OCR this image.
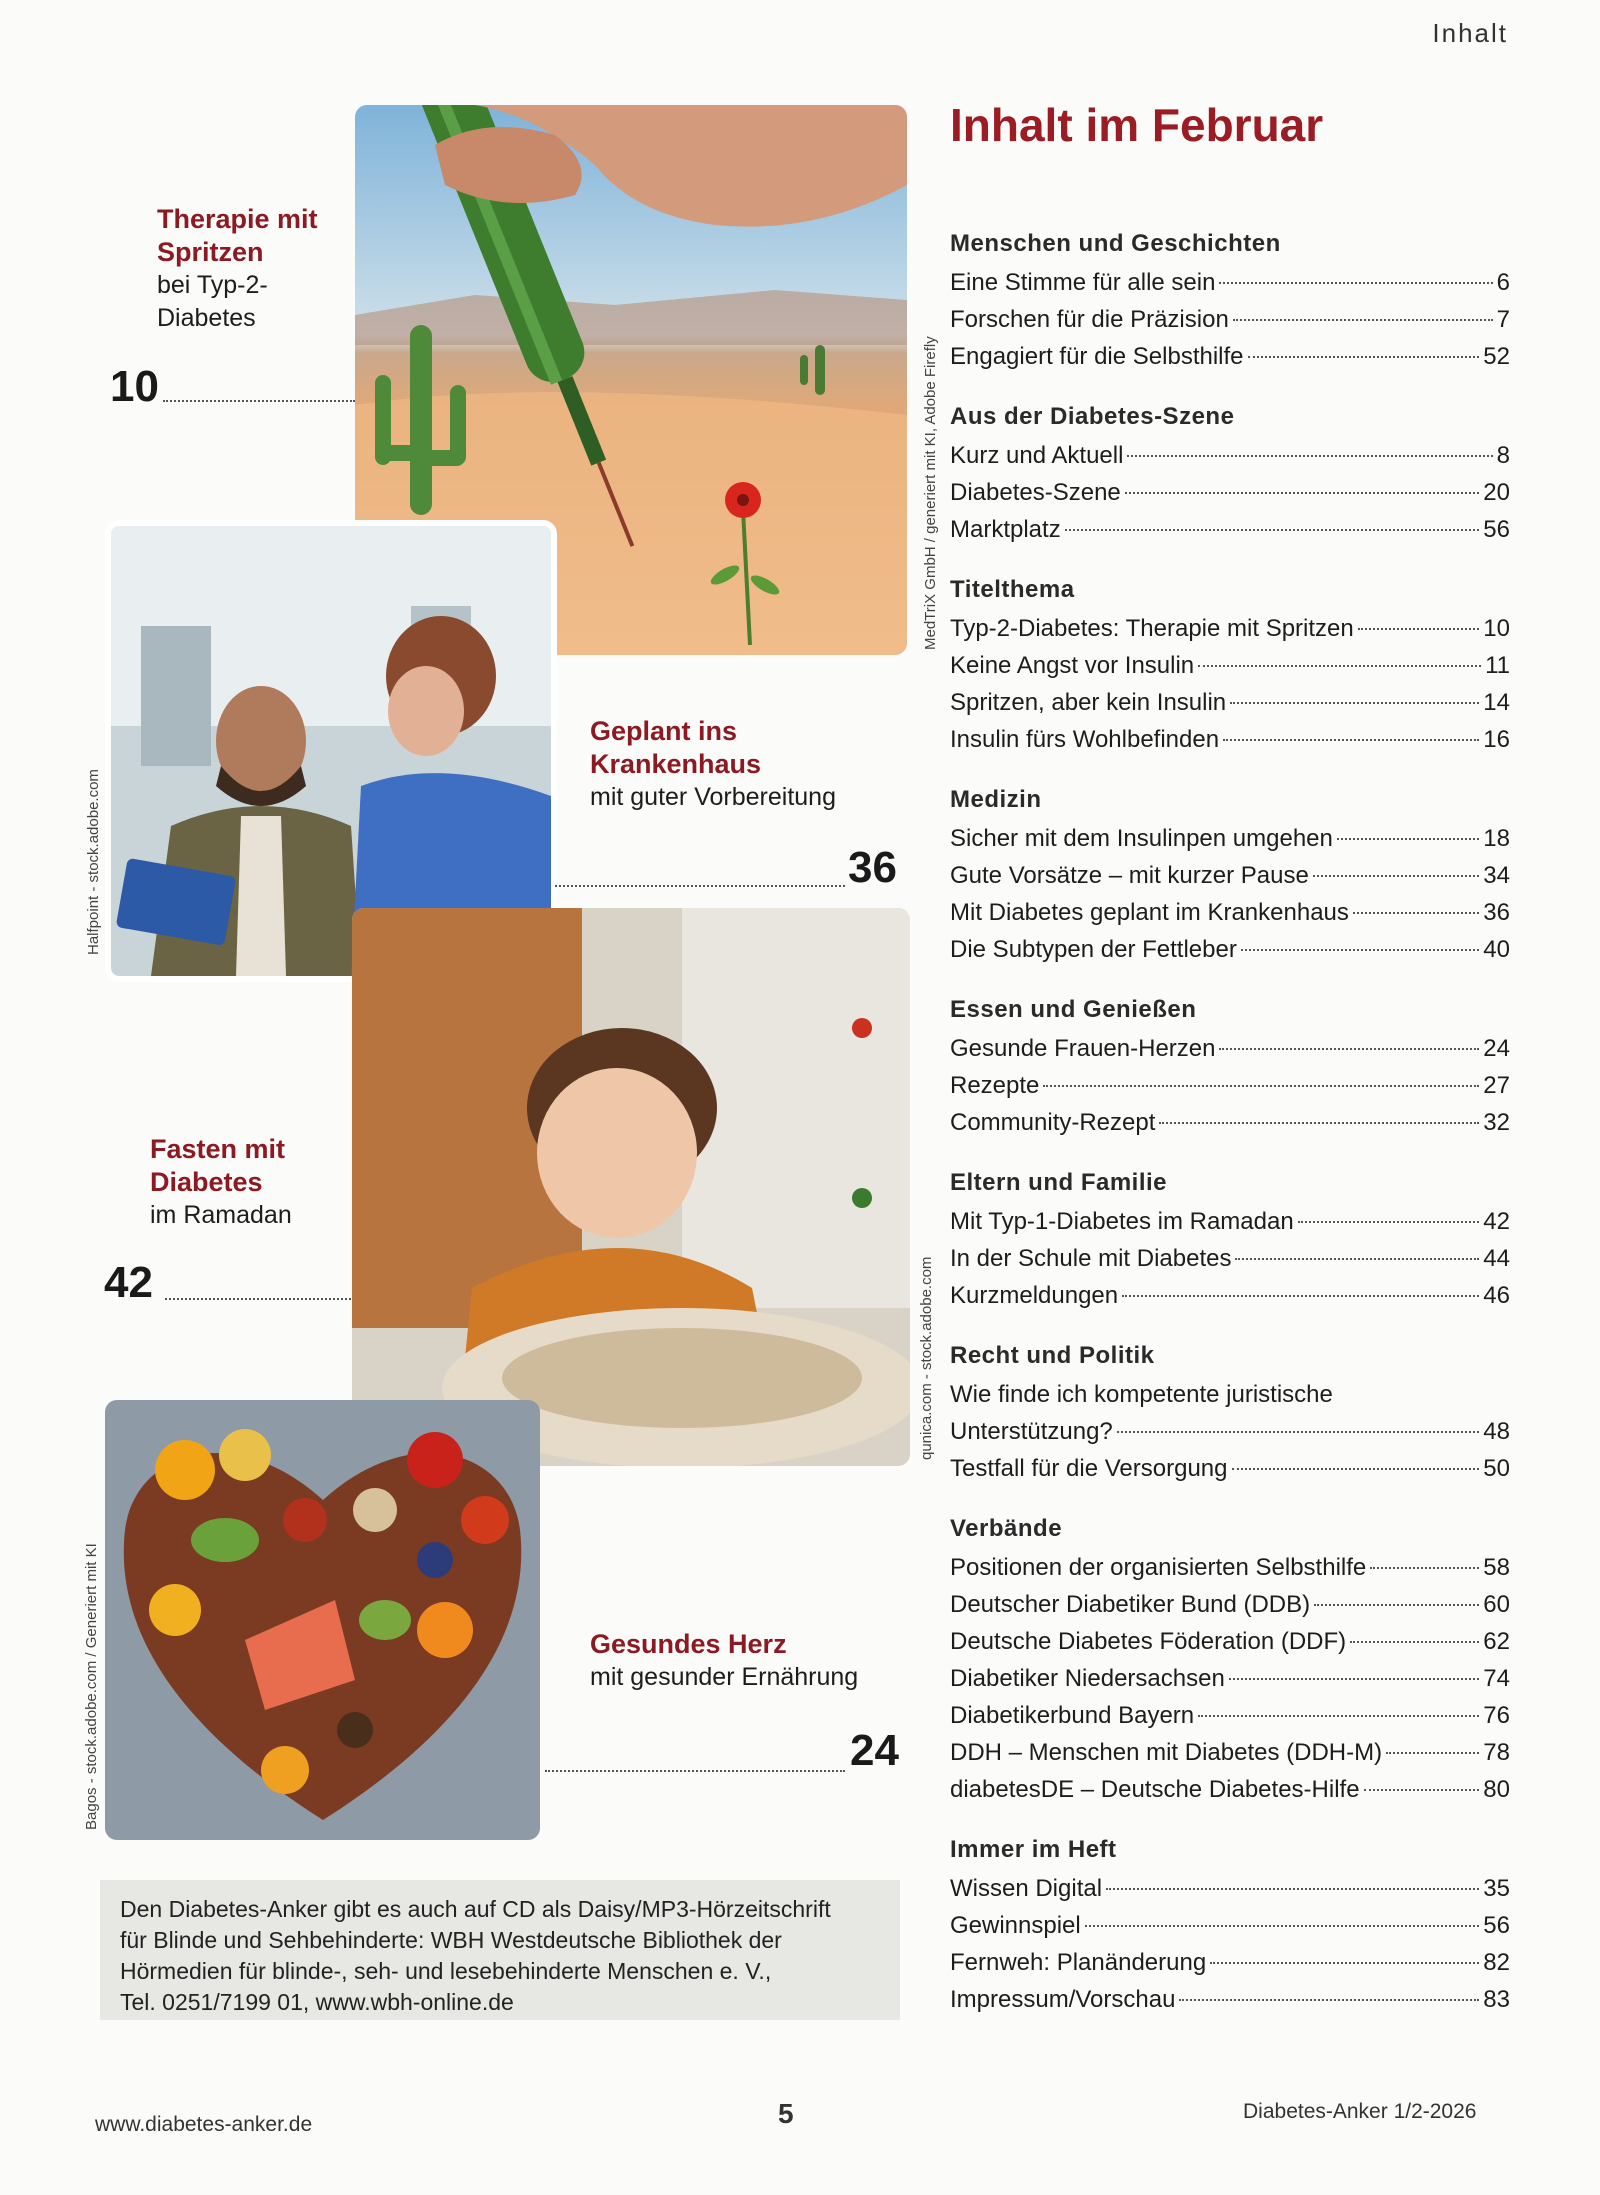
Inhalt
Inhalt im Februar
Menschen und Geschichten
Eine Stimme für alle sein	6
Forschen für die Präzision	7
Engagiert für die Selbsthilfe	52
Aus der Diabetes-Szene
Kurz und Aktuell	8
Diabetes-Szene	20
Marktplatz	56
Titelthema
Typ-2-Diabetes: Therapie mit Spritzen	10
Keine Angst vor Insulin	11
Spritzen, aber kein Insulin	14
Insulin fürs Wohlbefinden	16
Medizin
Sicher mit dem Insulinpen umgehen	18
Gute Vorsätze – mit kurzer Pause	34
Mit Diabetes geplant im Krankenhaus	36
Die Subtypen der Fettleber	40
Essen und Genießen
Gesunde Frauen-Herzen	24
Rezepte	27
Community-Rezept	32
Eltern und Familie
Mit Typ-1-Diabetes im Ramadan	42
In der Schule mit Diabetes	44
Kurzmeldungen	46
Recht und Politik
Wie finde ich kompetente juristische
Unterstützung?	48
Testfall für die Versorgung	50
Verbände
Positionen der organisierten Selbsthilfe	58
Deutscher Diabetiker Bund (DDB)	60
Deutsche Diabetes Föderation (DDF)	62
Diabetiker Niedersachsen	74
Diabetikerbund Bayern	76
DDH – Menschen mit Diabetes (DDH-M)	78
diabetesDE – Deutsche Diabetes-Hilfe	80
Immer im Heft
Wissen Digital	35
Gewinnspiel	56
Fernweh: Planänderung	82
Impressum/Vorschau	83
MedTriX GmbH / generiert mit KI, Adobe Firefly
Therapie mit
Spritzen
bei Typ-2-
Diabetes
10
Halfpoint - stock.adobe.com
Geplant ins
Krankenhaus
mit guter Vorbereitung
36
qunica.com - stock.adobe.com
Fasten mit
Diabetes
im Ramadan
42
Bagos - stock.adobe.com / Generiert mit KI	Gesundes Herz
mit gesunder Ernährung
24
Den Diabetes-Anker gibt es auch auf CD als Daisy/MP3-Hörzeitschrift
für Blinde und Sehbehinderte: WBH Westdeutsche Bibliothek der
Hörmedien für blinde-, seh- und lesebehinderte Menschen e. V.,
Tel. 0251/7199 01, www.wbh-online.de
www.diabetes-anker.de	5	Diabetes-Anker 1/2-2026
